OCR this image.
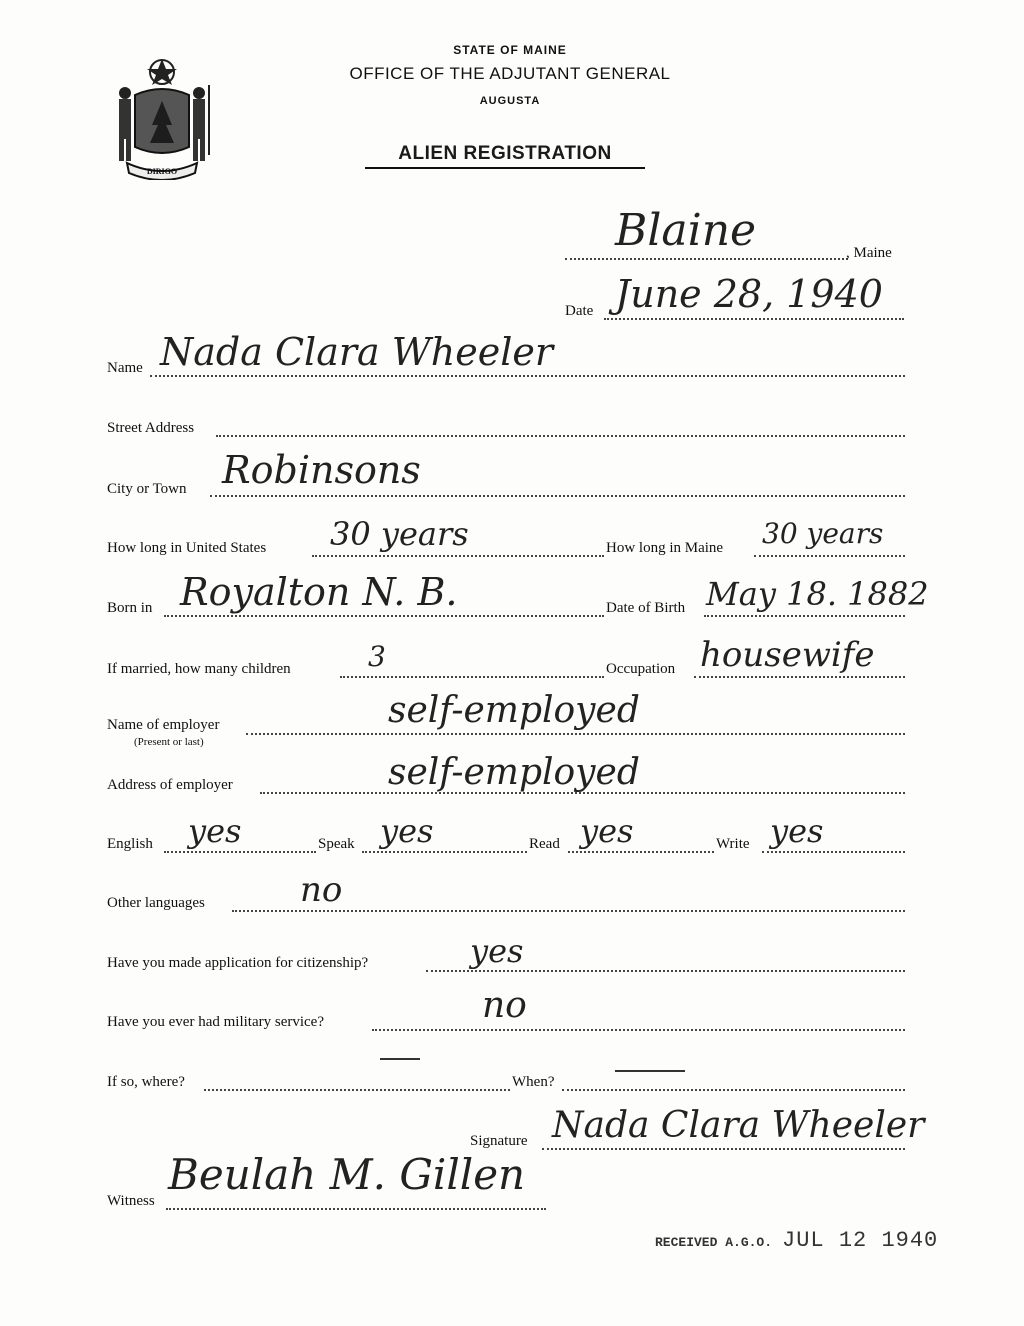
DIRIGO
STATE OF MAINE
OFFICE OF THE ADJUTANT GENERAL
AUGUSTA
ALIEN REGISTRATION
Blaine	, Maine
Date June 28, 1940
Name Nada Clara Wheeler
Street Address
City or Town Robinsons
How long in United States 30 years	How long in Maine 30 years
Born in Royalton N. B.	Date of Birth May 18. 1882
If married, how many children	3	Occupation housewife
Name of employer
(Present or last)
self-employed
Address of employer	self-employed
English yes	Speak yes	Read yes	Write yes
Other languages	no
Have you made application for citizenship?	yes
Have you ever had military service?	no
If so, where?	When?
Signature Nada Clara Wheeler
Witness
Beulah M. Gillen
RECEIVED A.G.O. JUL 12 1940
